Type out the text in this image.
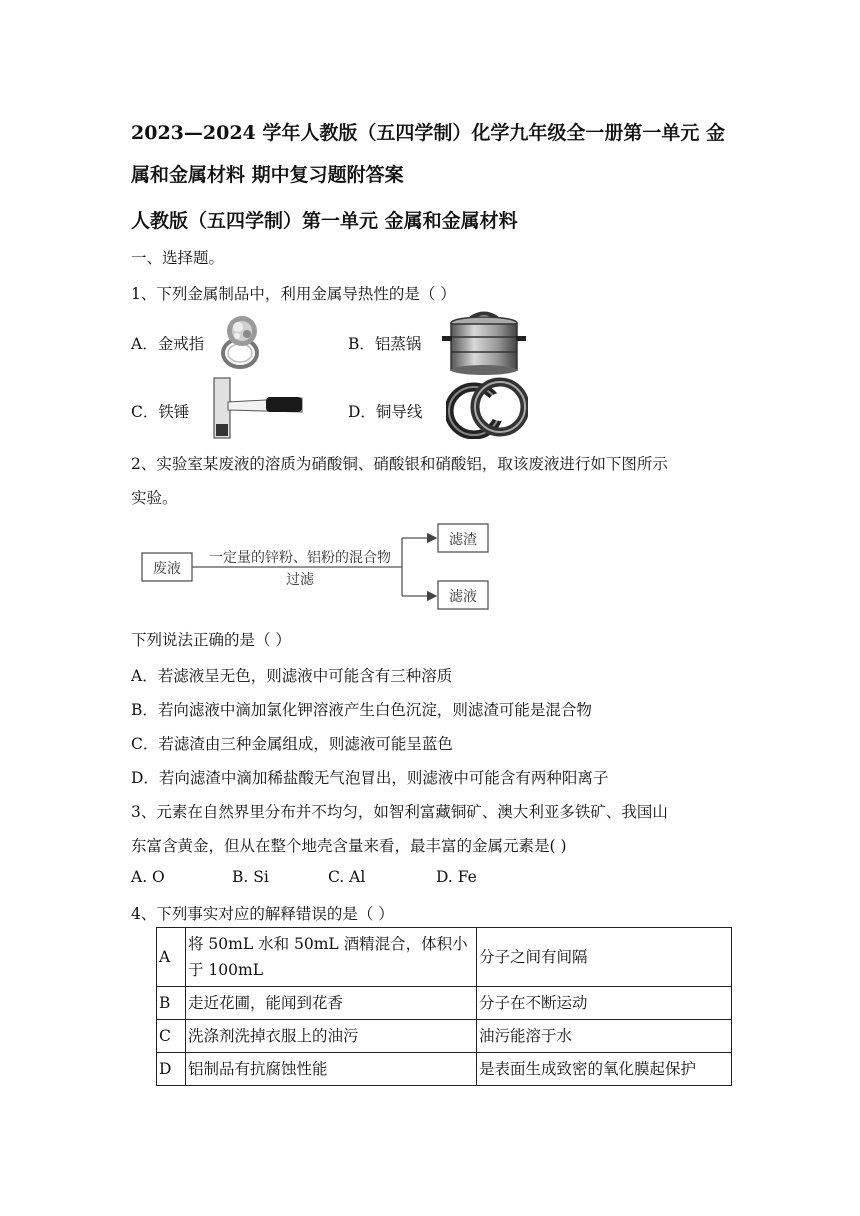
2023—2024 学年人教版（五四学制）化学九年级全一册第一单元 金
属和金属材料 期中复习题附答案
人教版（五四学制）第一单元 金属和金属材料
一、选择题。
1、下列金属制品中，利用金属导热性的是（ ）
A．金戒指	B．铝蒸锅
C．铁锤	D．铜导线
2、实验室某废液的溶质为硝酸铜、硝酸银和硝酸铝，取该废液进行如下图所示
实验。
废液
一定量的锌粉、铝粉的混合物
过滤
滤渣
滤液
下列说法正确的是（ ）
A．若滤液呈无色，则滤液中可能含有三种溶质
B．若向滤液中滴加氯化钾溶液产生白色沉淀，则滤渣可能是混合物
C．若滤渣由三种金属组成，则滤液可能呈蓝色
D．若向滤渣中滴加稀盐酸无气泡冒出，则滤液中可能含有两种阳离子
3、元素在自然界里分布并不均匀，如智利富藏铜矿、澳大利亚多铁矿、我国山
东富含黄金，但从在整个地壳含量来看，最丰富的金属元素是( )
A. O	B. Si	C. Al	D. Fe
4、下列事实对应的解释错误的是（ ）
A	将 50mL 水和 50mL 酒精混合，体积小
于 100mL	分子之间有间隔
B	走近花圃，能闻到花香	分子在不断运动
C	洗涤剂洗掉衣服上的油污	油污能溶于水
D	铝制品有抗腐蚀性能	是表面生成致密的氧化膜起保护
